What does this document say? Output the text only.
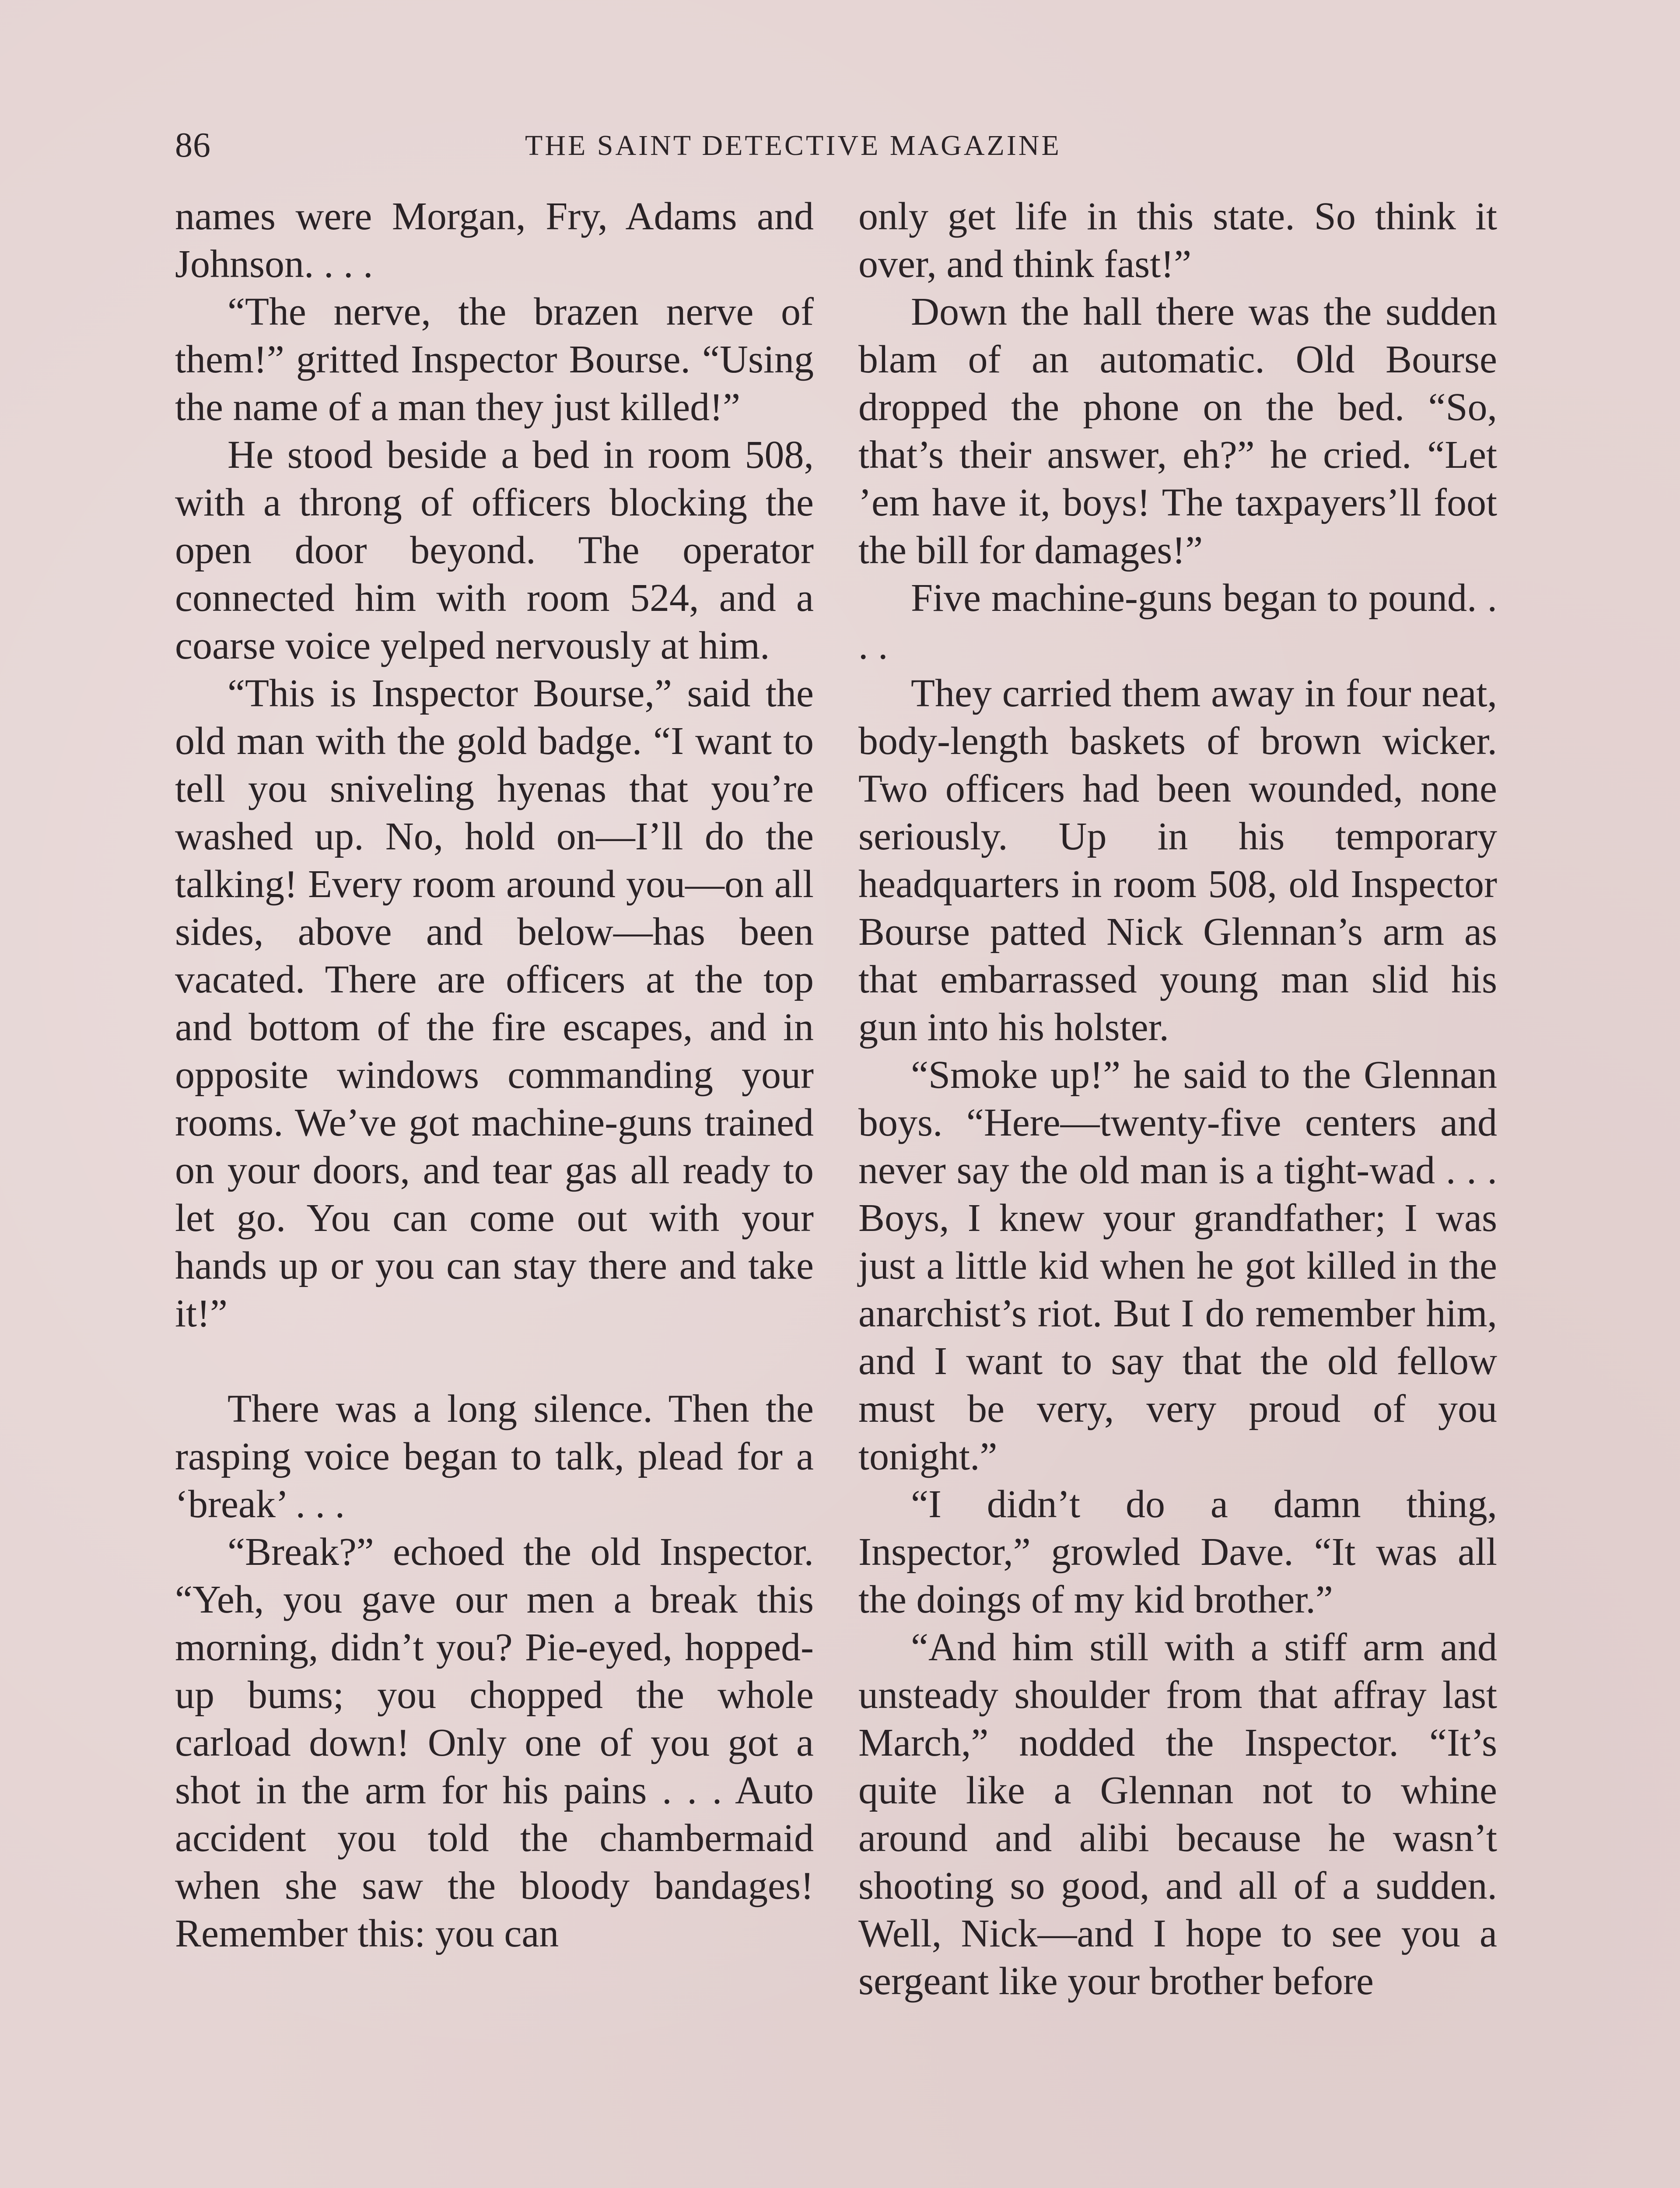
86	THE SAINT DETECTIVE MAGAZINE

names were Morgan, Fry, Adams and Johnson. . . .

“The nerve, the brazen nerve of them!” gritted Inspector Bourse. “Using the name of a man they just killed!”

He stood beside a bed in room 508, with a throng of officers blocking the open door beyond. The operator connected him with room 524, and a coarse voice yelped nervously at him.

“This is Inspector Bourse,” said the old man with the gold badge. “I want to tell you sniveling hyenas that you’re washed up. No, hold on—I’ll do the talking! Every room around you—on all sides, above and below—has been vacated. There are officers at the top and bottom of the fire escapes, and in opposite windows commanding your rooms. We’ve got machine-guns trained on your doors, and tear gas all ready to let go. You can come out with your hands up or you can stay there and take it!”

There was a long silence. Then the rasping voice began to talk, plead for a ‘break’ . . .

“Break?” echoed the old Inspector. “Yeh, you gave our men a break this morning, didn’t you? Pie-eyed, hopped-up bums; you chopped the whole carload down! Only one of you got a shot in the arm for his pains . . . Auto accident you told the chambermaid when she saw the bloody bandages! Remember this: you can

only get life in this state. So think it over, and think fast!”

Down the hall there was the sudden blam of an automatic. Old Bourse dropped the phone on the bed. “So, that’s their answer, eh?” he cried. “Let ’em have it, boys! The taxpayers’ll foot the bill for damages!”

Five machine-guns began to pound. . . .

They carried them away in four neat, body-length baskets of brown wicker. Two officers had been wounded, none seriously. Up in his temporary headquarters in room 508, old Inspector Bourse patted Nick Glennan’s arm as that embarrassed young man slid his gun into his holster.

“Smoke up!” he said to the Glennan boys. “Here—twenty-five centers and never say the old man is a tight-wad . . . Boys, I knew your grandfather; I was just a little kid when he got killed in the anarchist’s riot. But I do remember him, and I want to say that the old fellow must be very, very proud of you tonight.”

“I didn’t do a damn thing, Inspector,” growled Dave. “It was all the doings of my kid brother.”

“And him still with a stiff arm and unsteady shoulder from that affray last March,” nodded the Inspector. “It’s quite like a Glennan not to whine around and alibi because he wasn’t shooting so good, and all of a sudden. Well, Nick—and I hope to see you a sergeant like your brother before
